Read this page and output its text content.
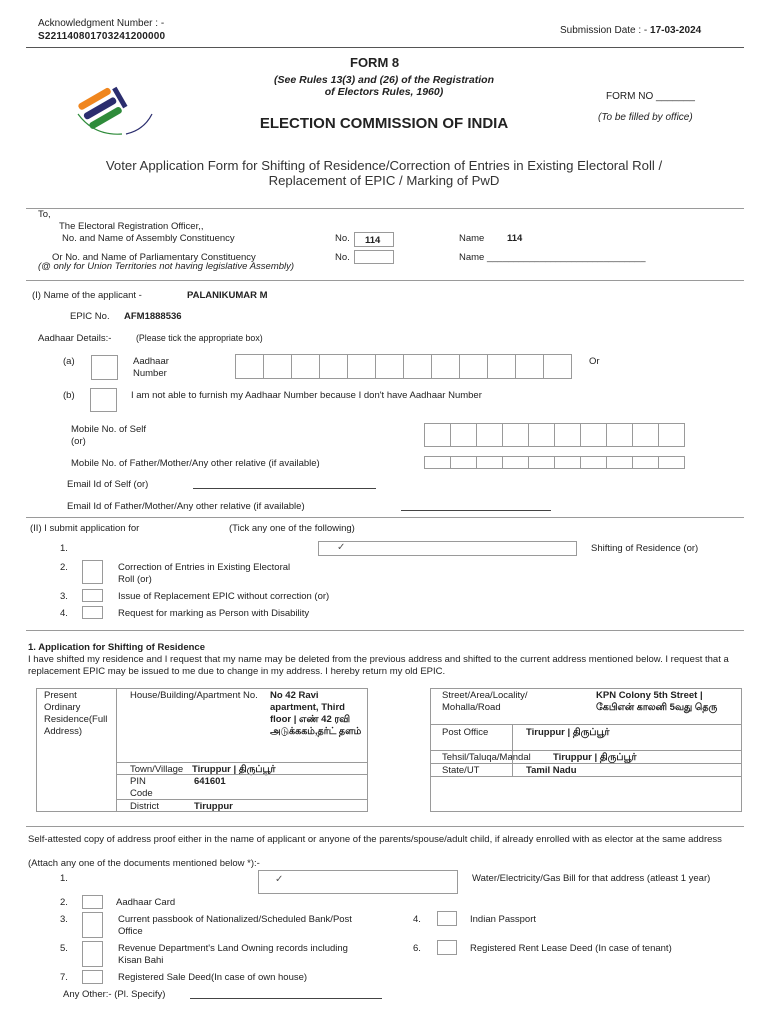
Acknowledgment Number : -
S221140801703241200000
Submission Date : - 17-03-2024
FORM 8
(See Rules 13(3) and (26) of the Registration of Electors Rules, 1960)	FORM NO _______
(To be filled by office)
ELECTION COMMISSION OF INDIA
Voter Application Form for Shifting of Residence/Correction of Entries in Existing Electoral Roll / Replacement of EPIC / Marking of PwD
To,
The Electoral Registration Officer,,
No. and Name of Assembly Constituency	No.	114	Name 114
Or No. and Name of Parliamentary Constituency	No.	Name ______________________________
(@ only for Union Territories not having legislative Assembly)
(I) Name of the applicant -	PALANIKUMAR M
EPIC No. AFM1888536
Aadhaar Details:-	(Please tick the appropriate box)
(a)	Aadhaar Number
Or
(b)	I am not able to furnish my Aadhaar Number because I don't have Aadhaar Number
Mobile No. of Self (or)
Mobile No. of Father/Mother/Any other relative (if available)
Email Id of Self (or)
Email Id of Father/Mother/Any other relative (if available)
(II) I submit application for	(Tick any one of the following)
1.	✓	Shifting of Residence (or)
2.	Correction of Entries in Existing Electoral Roll (or)
3.	Issue of Replacement EPIC without correction (or)
4.	Request for marking as Person with Disability
1. Application for Shifting of Residence
I have shifted my residence and I request that my name may be deleted from the previous address and shifted to the current address mentioned below. I request that a replacement EPIC may be issued to me due to change in my address. I hereby return my old EPIC.
Present Ordinary Residence(Full Address)
House/Building/Apartment No.	No 42 Ravi apartment, Third floor | எண் 42 ரவி அடுக்ககம்,தர்ட் தளம்
Town/Village Tiruppur | திருப்பூர்
PIN Code
641601
District	Tiruppur
Street/Area/Locality/ Mohalla/Road
KPN Colony 5th Street | கேபிஎன் காலனி 5வது தெரு
Post Office	Tiruppur | திருப்பூர்
Tehsil/Taluqa/Mandal Tiruppur | திருப்பூர்
State/UT	Tamil Nadu
Self-attested copy of address proof either in the name of applicant or anyone of the parents/spouse/adult child, if already enrolled with as elector at the same address
(Attach any one of the documents mentioned below *):-
1.	✓	Water/Electricity/Gas Bill for that address (atleast 1 year)
2.	Aadhaar Card
3.	Current passbook of Nationalized/Scheduled Bank/Post Office
4.	Indian Passport
5.	Revenue Department's Land Owning records including Kisan Bahi
6.	Registered Rent Lease Deed (In case of tenant)
7.	Registered Sale Deed(In case of own house)
Any Other:- (Pl. Specify)
